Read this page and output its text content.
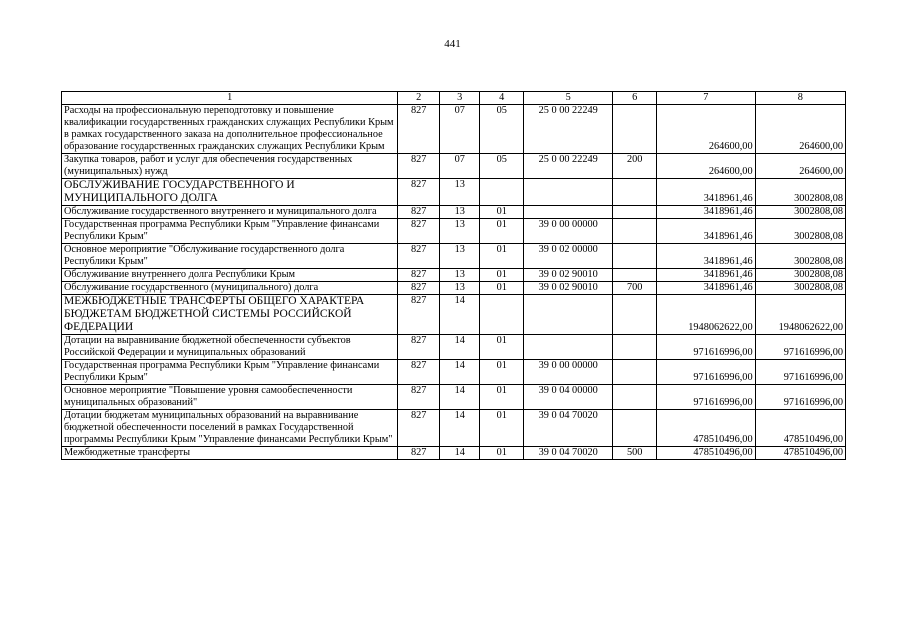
441
1	2	3	4	5	6	7	8
Расходы на профессиональную переподготовку и повышение квалификации государственных гражданских служащих Республики Крым в рамках государственного заказа на дополнительное профессиональное образование государственных гражданских служащих Республики Крым	827	07	05	25 0 00 22249		264600,00	264600,00
Закупка товаров, работ и услуг для обеспечения государственных (муниципальных) нужд	827	07	05	25 0 00 22249	200	264600,00	264600,00
ОБСЛУЖИВАНИЕ ГОСУДАРСТВЕННОГО И МУНИЦИПАЛЬНОГО ДОЛГА	827	13				3418961,46	3002808,08
Обслуживание государственного внутреннего и муниципального долга	827	13	01			3418961,46	3002808,08
Государственная программа Республики Крым "Управление финансами Республики Крым"	827	13	01	39 0 00 00000		3418961,46	3002808,08
Основное мероприятие "Обслуживание государственного долга Республики Крым"	827	13	01	39 0 02 00000		3418961,46	3002808,08
Обслуживание внутреннего долга Республики Крым	827	13	01	39 0 02 90010		3418961,46	3002808,08
Обслуживание государственного (муниципального) долга	827	13	01	39 0 02 90010	700	3418961,46	3002808,08
МЕЖБЮДЖЕТНЫЕ ТРАНСФЕРТЫ ОБЩЕГО ХАРАКТЕРА БЮДЖЕТАМ БЮДЖЕТНОЙ СИСТЕМЫ РОССИЙСКОЙ ФЕДЕРАЦИИ	827	14				1948062622,00	1948062622,00
Дотации на выравнивание бюджетной обеспеченности субъектов Российской Федерации и муниципальных образований	827	14	01			971616996,00	971616996,00
Государственная программа Республики Крым "Управление финансами Республики Крым"	827	14	01	39 0 00 00000		971616996,00	971616996,00
Основное мероприятие "Повышение уровня самообеспеченности муниципальных образований"	827	14	01	39 0 04 00000		971616996,00	971616996,00
Дотации бюджетам муниципальных образований на выравнивание бюджетной обеспеченности поселений в рамках Государственной программы Республики Крым "Управление финансами Республики Крым"	827	14	01	39 0 04 70020		478510496,00	478510496,00
Межбюджетные трансферты	827	14	01	39 0 04 70020	500	478510496,00	478510496,00
